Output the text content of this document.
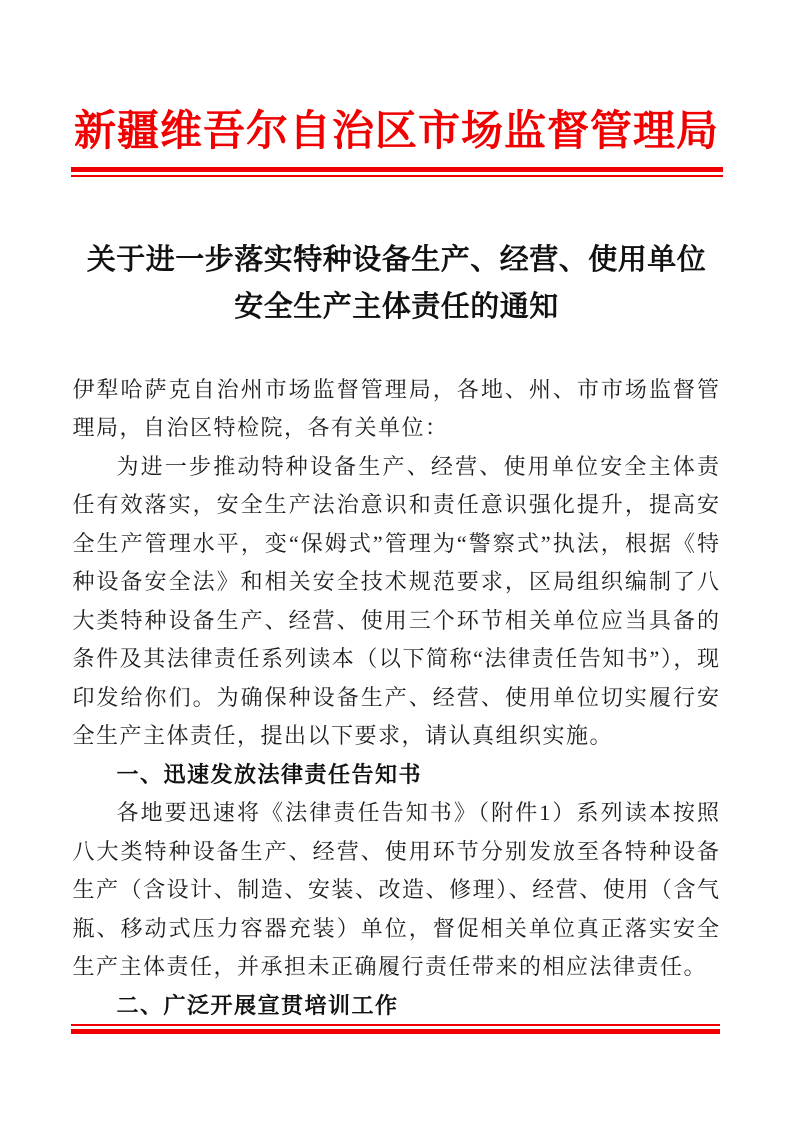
新疆维吾尔自治区市场监督管理局
关于进一步落实特种设备生产、经营、使用单位
安全生产主体责任的通知

伊犁哈萨克自治州市场监督管理局，各地、州、市市场监督管理局，自治区特检院，各有关单位：

为进一步推动特种设备生产、经营、使用单位安全主体责任有效落实，安全生产法治意识和责任意识强化提升，提高安全生产管理水平，变“保姆式”管理为“警察式”执法，根据《特种设备安全法》和相关安全技术规范要求，区局组织编制了八大类特种设备生产、经营、使用三个环节相关单位应当具备的条件及其法律责任系列读本（以下简称“法律责任告知书”），现印发给你们。为确保种设备生产、经营、使用单位切实履行安全生产主体责任，提出以下要求，请认真组织实施。

一、迅速发放法律责任告知书

各地要迅速将《法律责任告知书》（附件1）系列读本按照八大类特种设备生产、经营、使用环节分别发放至各特种设备生产（含设计、制造、安装、改造、修理）、经营、使用（含气瓶、移动式压力容器充装）单位，督促相关单位真正落实安全生产主体责任，并承担未正确履行责任带来的相应法律责任。

二、广泛开展宣贯培训工作
